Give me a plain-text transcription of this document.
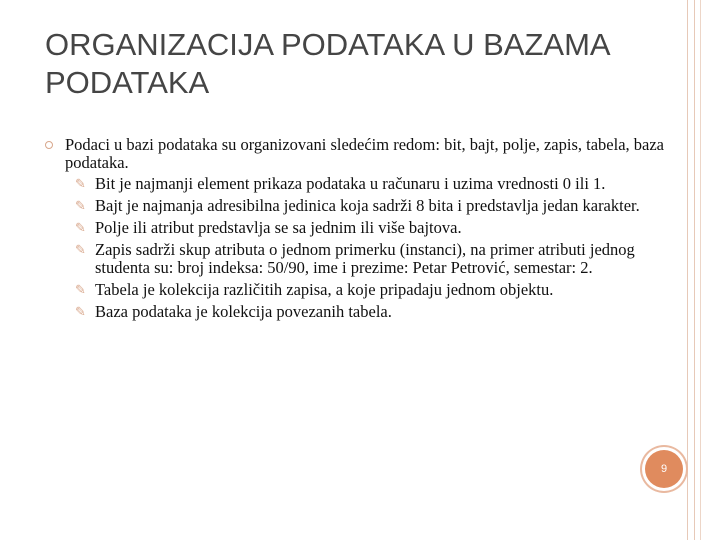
ORGANIZACIJA PODATAKA U BAZAMA PODATAKA
Podaci u bazi podataka su organizovani sledećim redom: bit, bajt, polje, zapis, tabela, baza podataka.
✎ Bit je najmanji element prikaza podataka u računaru i uzima vrednosti 0 ili 1.
✎ Bajt je najmanja adresibilna jedinica koja sadrži 8 bita i predstavlja jedan karakter.
✎ Polje ili atribut predstavlja se sa jednim ili više bajtova.
✎ Zapis sadrži skup atributa o jednom primerku (instanci), na primer atributi jednog studenta su: broj indeksa: 50/90, ime i prezime: Petar Petrović, semestar: 2.
✎ Tabela je kolekcija različitih zapisa, a koje pripadaju jednom objektu.
✎ Baza podataka je kolekcija povezanih tabela.
9
